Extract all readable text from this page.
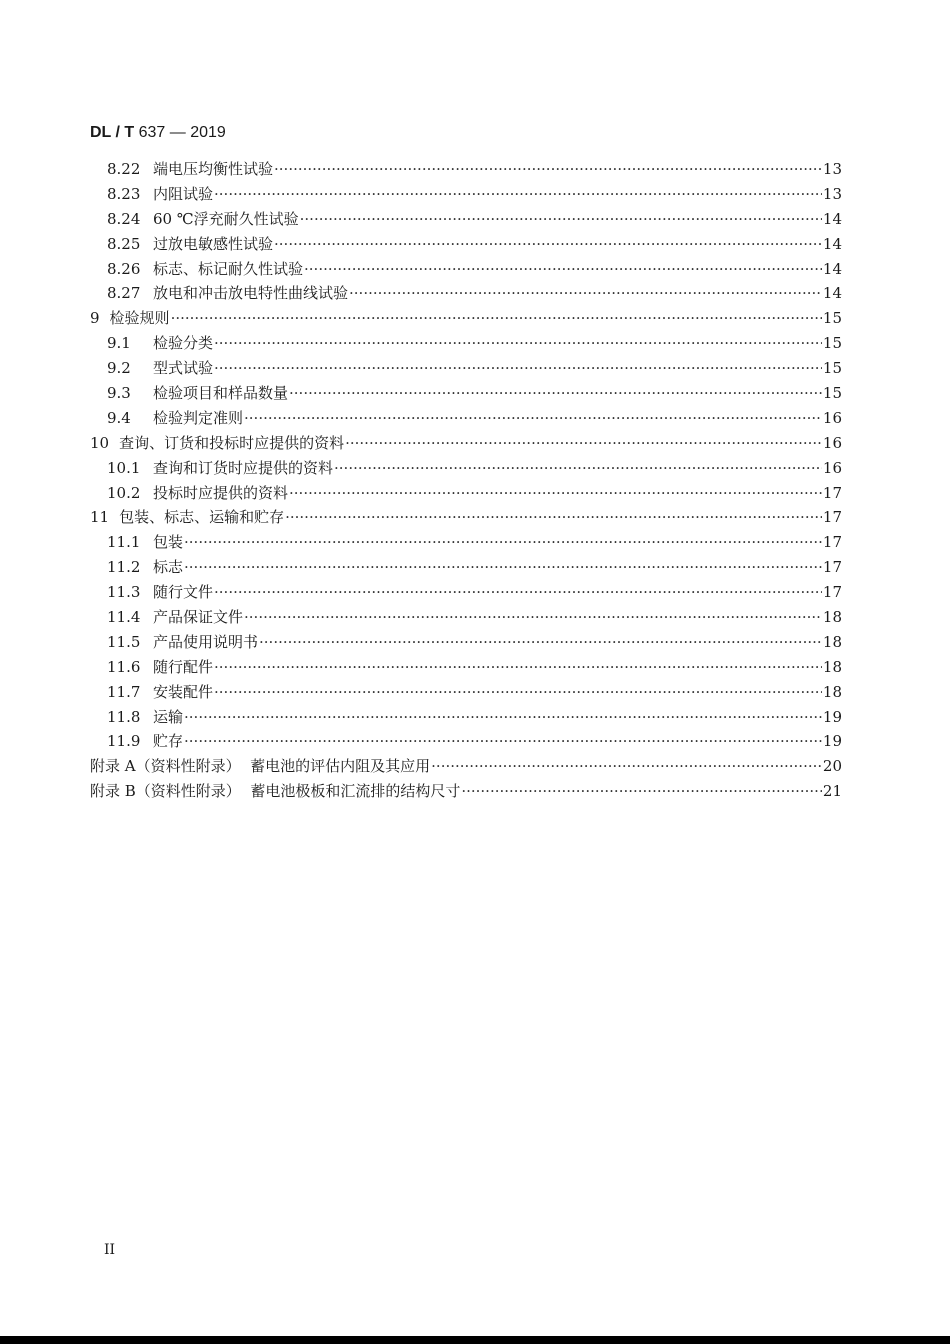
DL / T 637 — 2019
8.22 端电压均衡性试验 ·····	13
8.23 内阻试验 ·····	13
8.24 60 ℃浮充耐久性试验 ·····	14
8.25 过放电敏感性试验 ·····	14
8.26 标志、标记耐久性试验 ·····	14
8.27 放电和冲击放电特性曲线试验 ·····	14
9 检验规则 ·····	15
9.1	检验分类 ·····	15
9.2	型式试验 ·····	15
9.3	检验项目和样品数量 ·····	15
9.4	检验判定准则 ·····	16
10 查询、订货和投标时应提供的资料 ·····	16
10.1 查询和订货时应提供的资料 ·····	16
10.2 投标时应提供的资料 ·····	17
11 包装、标志、运输和贮存 ·····	17
11.1 包装 ·····	17
11.2 标志 ·····	17
11.3 随行文件 ·····	17
11.4 产品保证文件 ·····	18
11.5 产品使用说明书 ·····	18
11.6 随行配件 ·····	18
11.7 安装配件 ·····	18
11.8 运输 ·····	19
11.9 贮存 ·····	19
附录 A（资料性附录） 蓄电池的评估内阻及其应用 ·····	20
附录 B（资料性附录） 蓄电池极板和汇流排的结构尺寸 ·····	21
II
